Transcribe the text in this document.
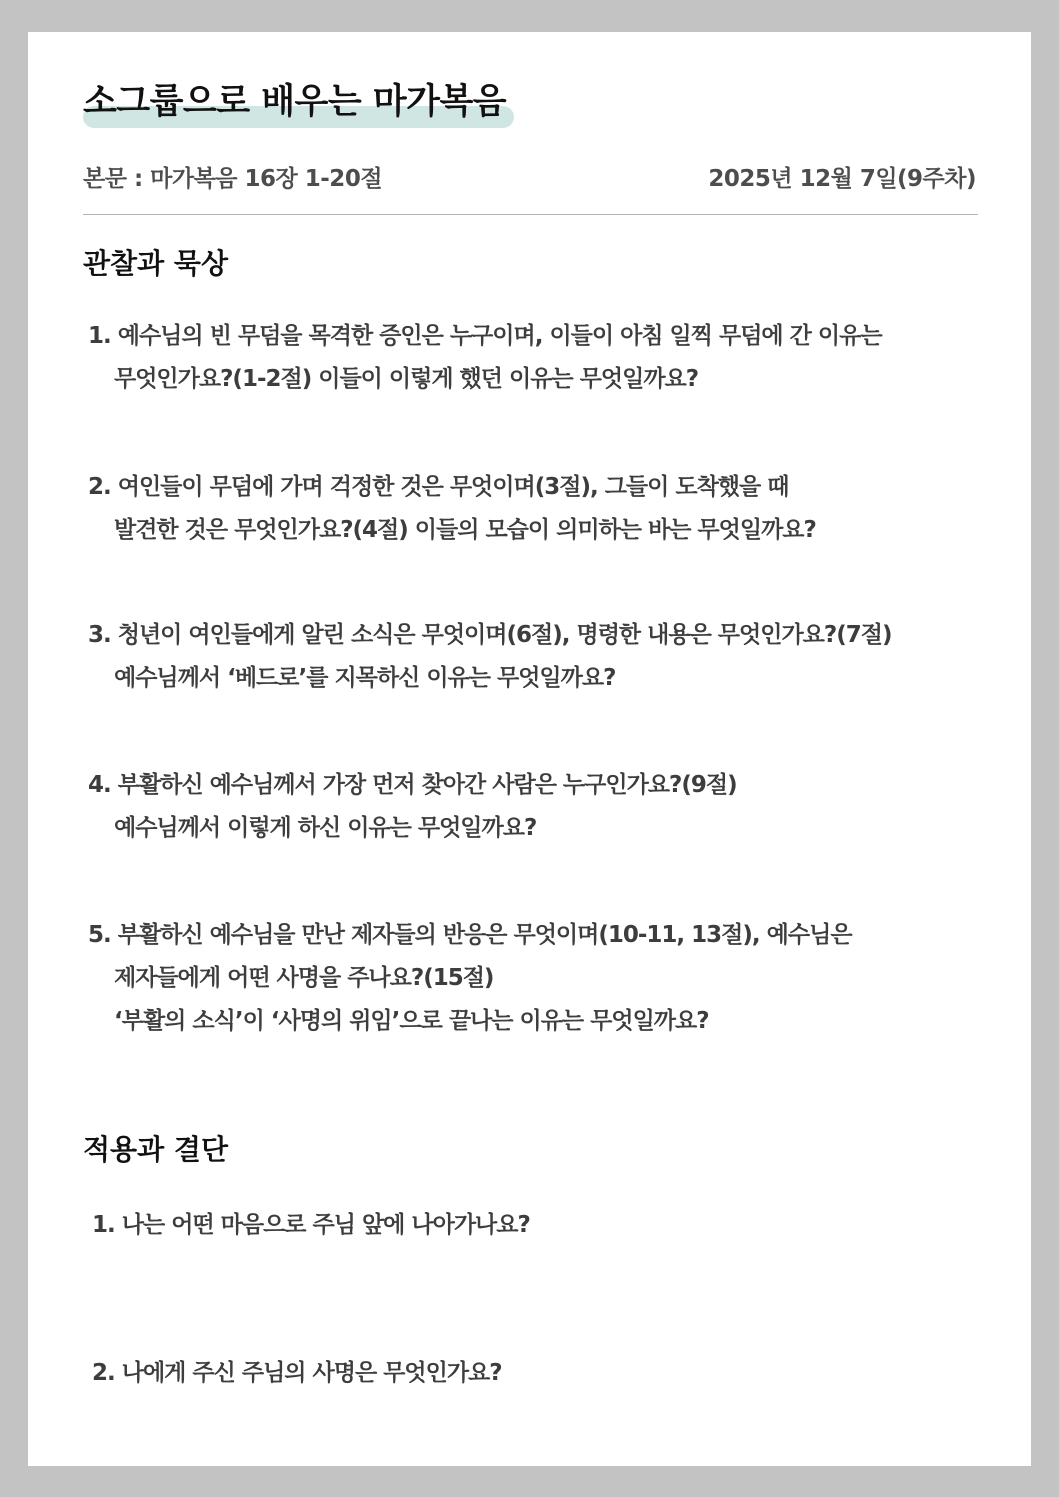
소그룹으로 배우는 마가복음
본문 : 마가복음 16장 1-20절	2025년 12월 7일(9주차)
관찰과 묵상
1. 예수님의 빈 무덤을 목격한 증인은 누구이며, 이들이 아침 일찍 무덤에 간 이유는
무엇인가요?(1-2절) 이들이 이렇게 했던 이유는 무엇일까요?
2. 여인들이 무덤에 가며 걱정한 것은 무엇이며(3절), 그들이 도착했을 때
발견한 것은 무엇인가요?(4절) 이들의 모습이 의미하는 바는 무엇일까요?
3. 청년이 여인들에게 알린 소식은 무엇이며(6절), 명령한 내용은 무엇인가요?(7절)
예수님께서 ‘베드로’를 지목하신 이유는 무엇일까요?
4. 부활하신 예수님께서 가장 먼저 찾아간 사람은 누구인가요?(9절)
예수님께서 이렇게 하신 이유는 무엇일까요?
5. 부활하신 예수님을 만난 제자들의 반응은 무엇이며(10-11, 13절), 예수님은
제자들에게 어떤 사명을 주나요?(15절)
‘부활의 소식’이 ‘사명의 위임’으로 끝나는 이유는 무엇일까요?
적용과 결단
1. 나는 어떤 마음으로 주님 앞에 나아가나요?
2. 나에게 주신 주님의 사명은 무엇인가요?
